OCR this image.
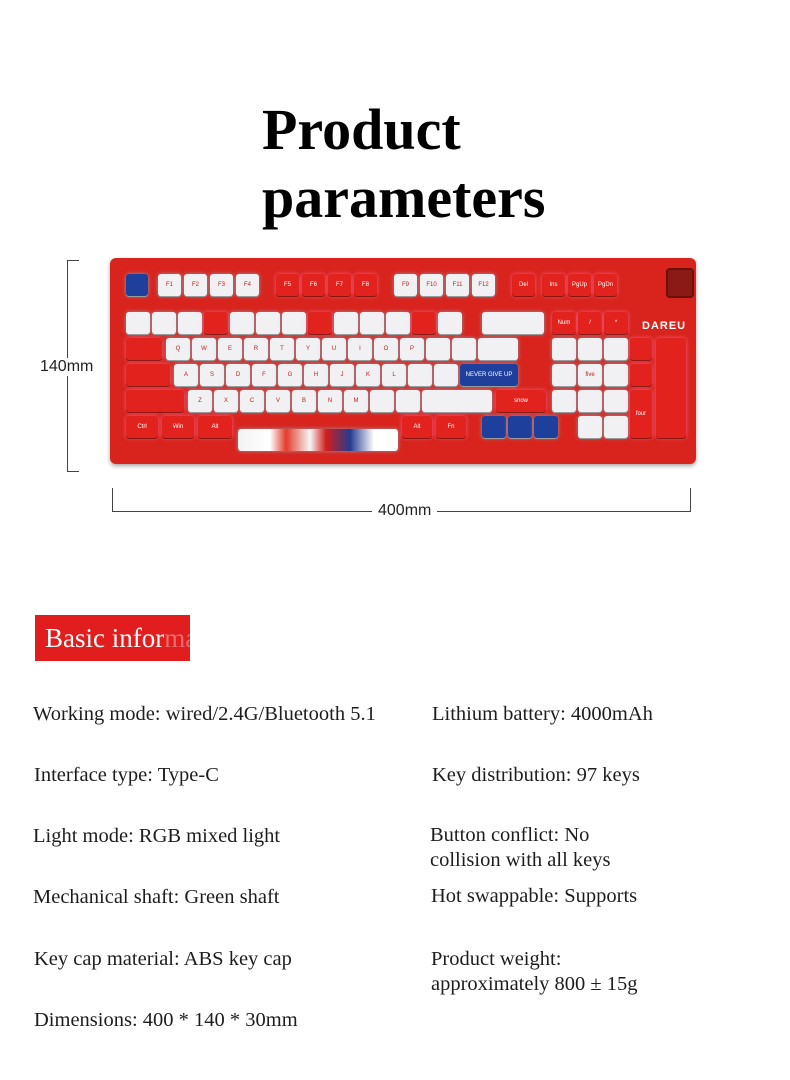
Product
parameters
140mm
400mm
DAREU
F1	F2	F3	F4	F5	F6	F7	F8	F9	F10	F11	F12	Del	Ins	PgUp	PgDn
Num	/	*
Q	W	E	R	T	Y	U	I	O	P
A	S	D	F	G	H	J	K	L	NEVER GIVE UP	five
Z	X	C	V	B	N	M	snow
Ctrl	Win	Alt	Alt	Fn
four
Basic information
Working mode: wired/2.4G/Bluetooth 5.1
Interface type: Type-C
Light mode: RGB mixed light
Mechanical shaft: Green shaft
Key cap material: ABS key cap
Dimensions: 400 * 140 * 30mm
Lithium battery: 4000mAh
Key distribution: 97 keys
Button conflict: No
collision with all keys
Hot swappable: Supports
Product weight:
approximately 800 ± 15g
